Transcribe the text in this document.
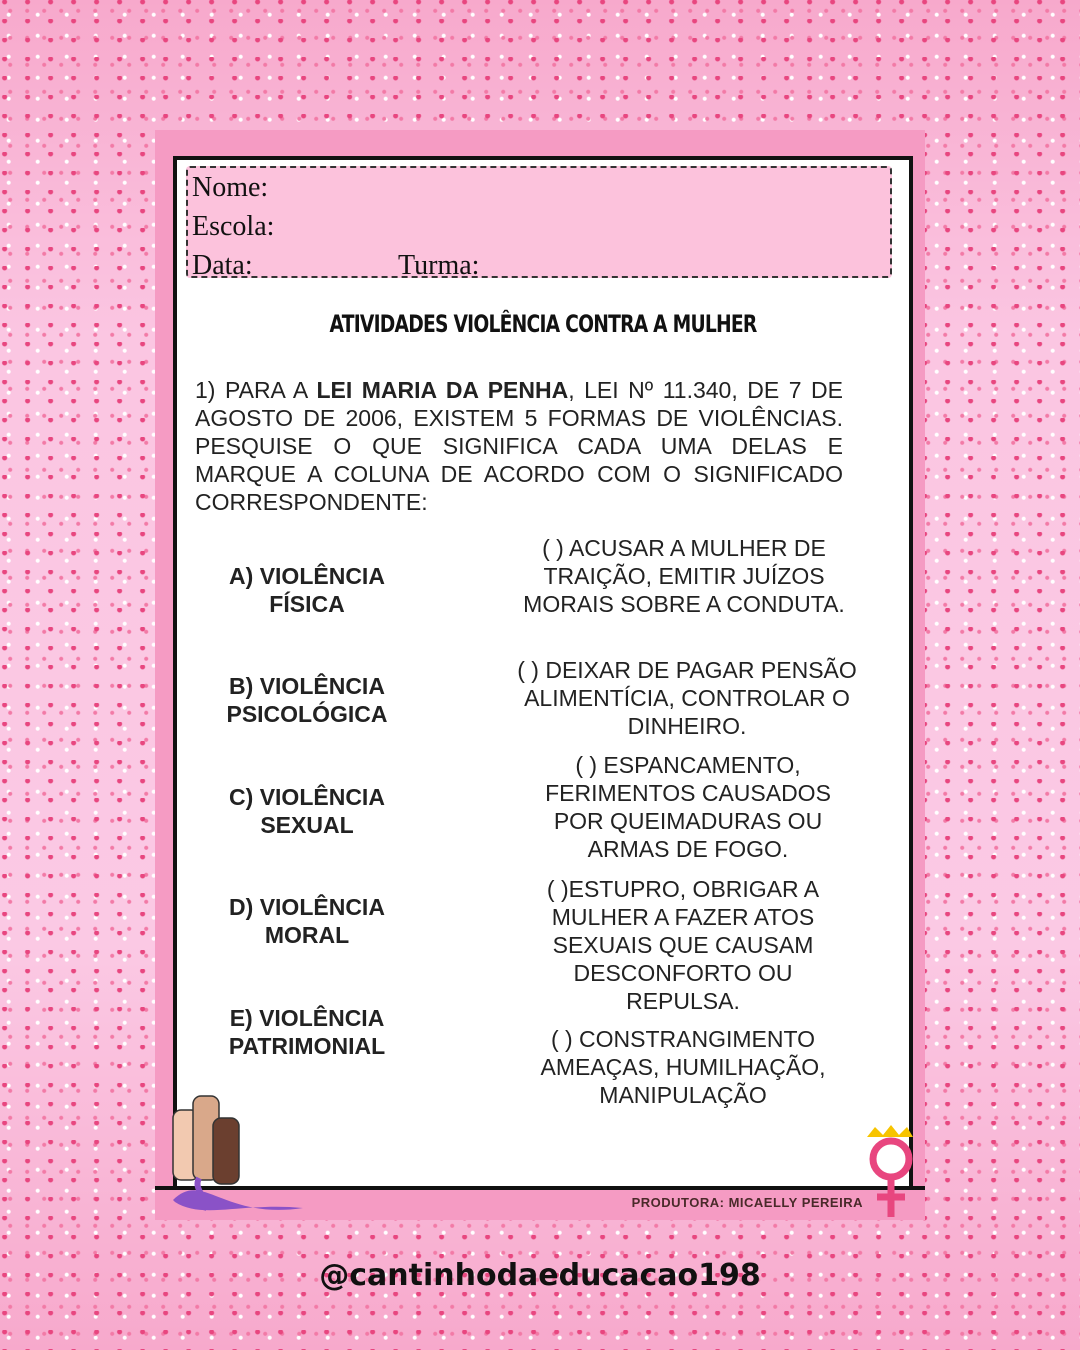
Nome:
Escola:
Data:	Turma:
ATIVIDADES VIOLÊNCIA CONTRA A MULHER
1) PARA A LEI MARIA DA PENHA, LEI Nº 11.340, DE 7 DE AGOSTO DE 2006, EXISTEM 5 FORMAS DE VIOLÊNCIAS. PESQUISE O QUE SIGNIFICA CADA UMA DELAS E MARQUE A COLUNA DE ACORDO COM O SIGNIFICADO CORRESPONDENTE:
A) VIOLÊNCIA
FÍSICA
B) VIOLÊNCIA
PSICOLÓGICA
C) VIOLÊNCIA
SEXUAL
D) VIOLÊNCIA
MORAL
E) VIOLÊNCIA
PATRIMONIAL
( ) ACUSAR A MULHER DE TRAIÇÃO, EMITIR JUÍZOS MORAIS SOBRE A CONDUTA.
( ) DEIXAR DE PAGAR PENSÃO ALIMENTÍCIA, CONTROLAR O DINHEIRO.
( ) ESPANCAMENTO, FERIMENTOS CAUSADOS POR QUEIMADURAS OU ARMAS DE FOGO.
( )ESTUPRO, OBRIGAR A MULHER A FAZER ATOS SEXUAIS QUE CAUSAM DESCONFORTO OU REPULSA.
( ) CONSTRANGIMENTO AMEAÇAS, HUMILHAÇÃO, MANIPULAÇÃO
PRODUTORA: MICAELLY PEREIRA
@cantinhodaeducacao198
